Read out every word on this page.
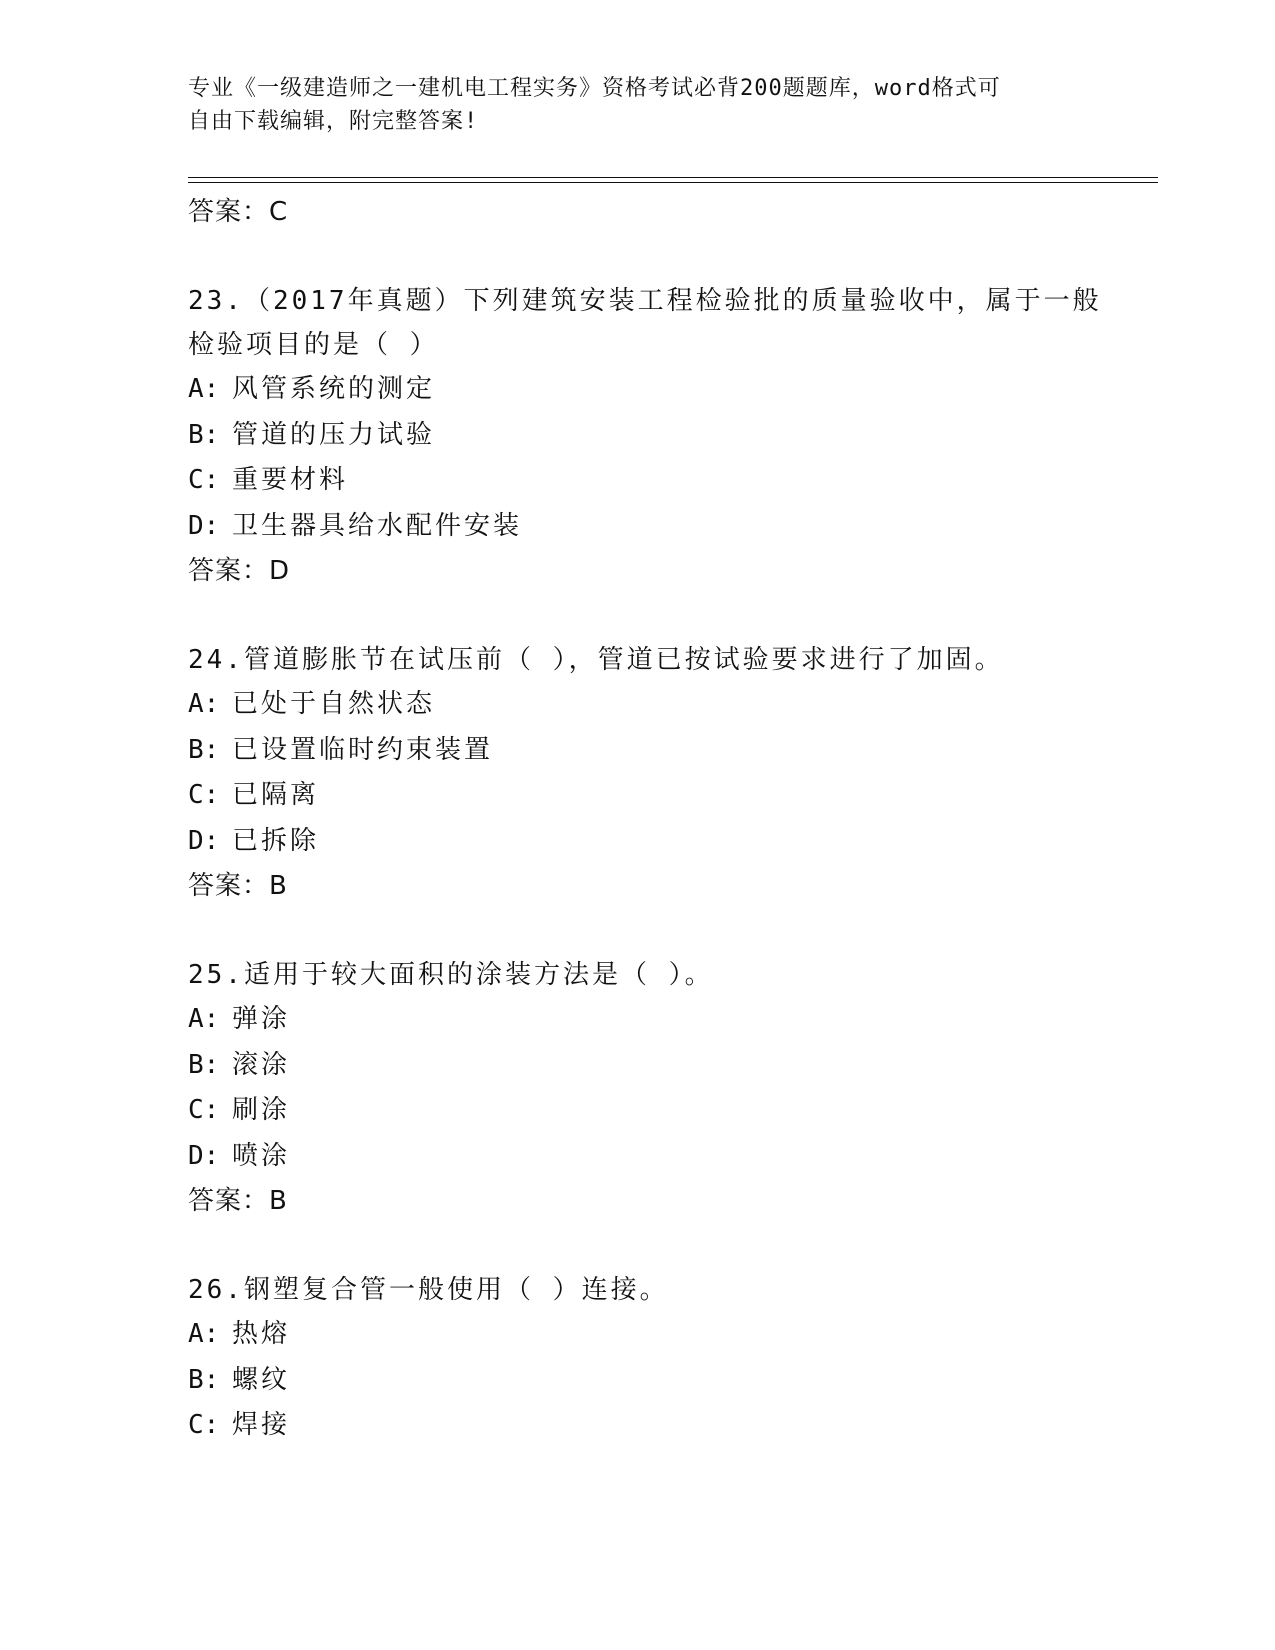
专业《一级建造师之一建机电工程实务》资格考试必背200题题库，word格式可
自由下载编辑，附完整答案!
答案：C
23.（2017年真题）下列建筑安装工程检验批的质量验收中，属于一般
检验项目的是（ ）
A: 风管系统的测定
B: 管道的压力试验
C: 重要材料
D: 卫生器具给水配件安装
答案：D
24.管道膨胀节在试压前（ ），管道已按试验要求进行了加固。
A: 已处于自然状态
B: 已设置临时约束装置
C: 已隔离
D: 已拆除
答案：B
25.适用于较大面积的涂装方法是（ ）。
A: 弹涂
B: 滚涂
C: 刷涂
D: 喷涂
答案：B
26.钢塑复合管一般使用（ ）连接。
A: 热熔
B: 螺纹
C: 焊接
